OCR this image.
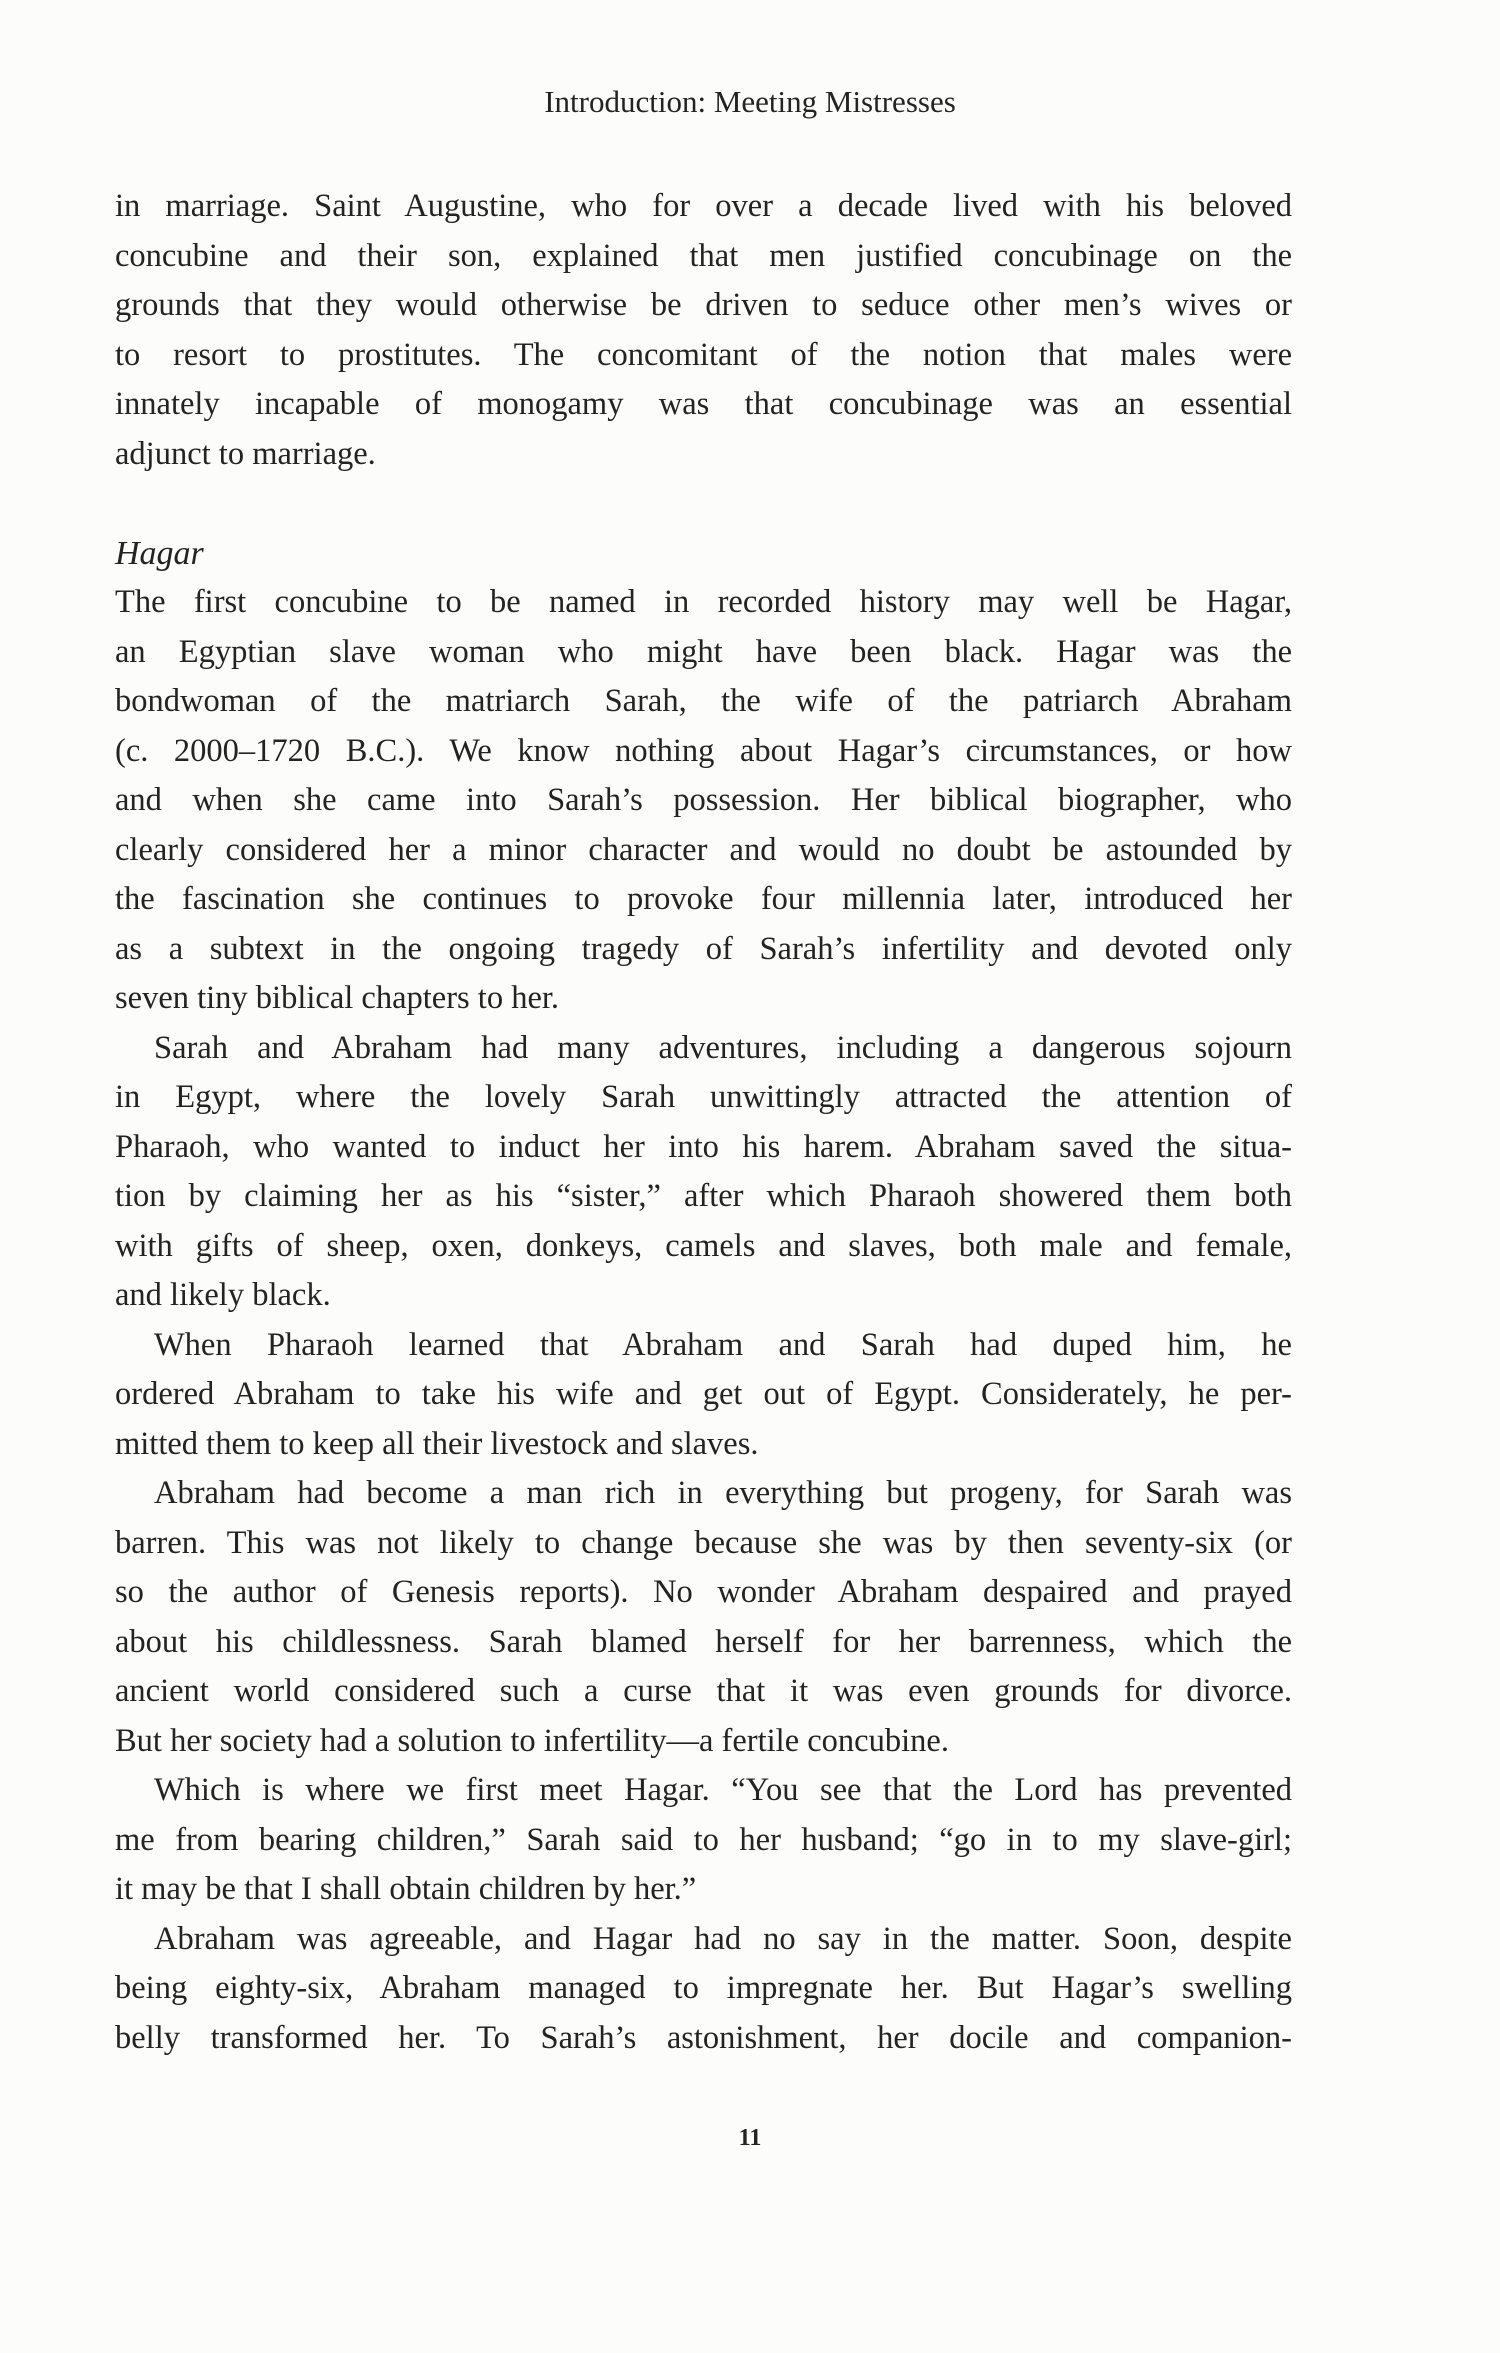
Introduction: Meeting Mistresses
in marriage. Saint Augustine, who for over a decade lived with his beloved
concubine and their son, explained that men justified concubinage on the
grounds that they would otherwise be driven to seduce other men’s wives or
to resort to prostitutes. The concomitant of the notion that males were
innately incapable of monogamy was that concubinage was an essential
adjunct to marriage.
Hagar
The first concubine to be named in recorded history may well be Hagar,
an Egyptian slave woman who might have been black. Hagar was the
bondwoman of the matriarch Sarah, the wife of the patriarch Abraham
(c. 2000–1720 B.C.). We know nothing about Hagar’s circumstances, or how
and when she came into Sarah’s possession. Her biblical biographer, who
clearly considered her a minor character and would no doubt be astounded by
the fascination she continues to provoke four millennia later, introduced her
as a subtext in the ongoing tragedy of Sarah’s infertility and devoted only
seven tiny biblical chapters to her.
Sarah and Abraham had many adventures, including a dangerous sojourn
in Egypt, where the lovely Sarah unwittingly attracted the attention of
Pharaoh, who wanted to induct her into his harem. Abraham saved the situa-
tion by claiming her as his “sister,” after which Pharaoh showered them both
with gifts of sheep, oxen, donkeys, camels and slaves, both male and female,
and likely black.
When Pharaoh learned that Abraham and Sarah had duped him, he
ordered Abraham to take his wife and get out of Egypt. Considerately, he per-
mitted them to keep all their livestock and slaves.
Abraham had become a man rich in everything but progeny, for Sarah was
barren. This was not likely to change because she was by then seventy-six (or
so the author of Genesis reports). No wonder Abraham despaired and prayed
about his childlessness. Sarah blamed herself for her barrenness, which the
ancient world considered such a curse that it was even grounds for divorce.
But her society had a solution to infertility—a fertile concubine.
Which is where we first meet Hagar. “You see that the Lord has prevented
me from bearing children,” Sarah said to her husband; “go in to my slave-girl;
it may be that I shall obtain children by her.”
Abraham was agreeable, and Hagar had no say in the matter. Soon, despite
being eighty-six, Abraham managed to impregnate her. But Hagar’s swelling
belly transformed her. To Sarah’s astonishment, her docile and companion-
11
